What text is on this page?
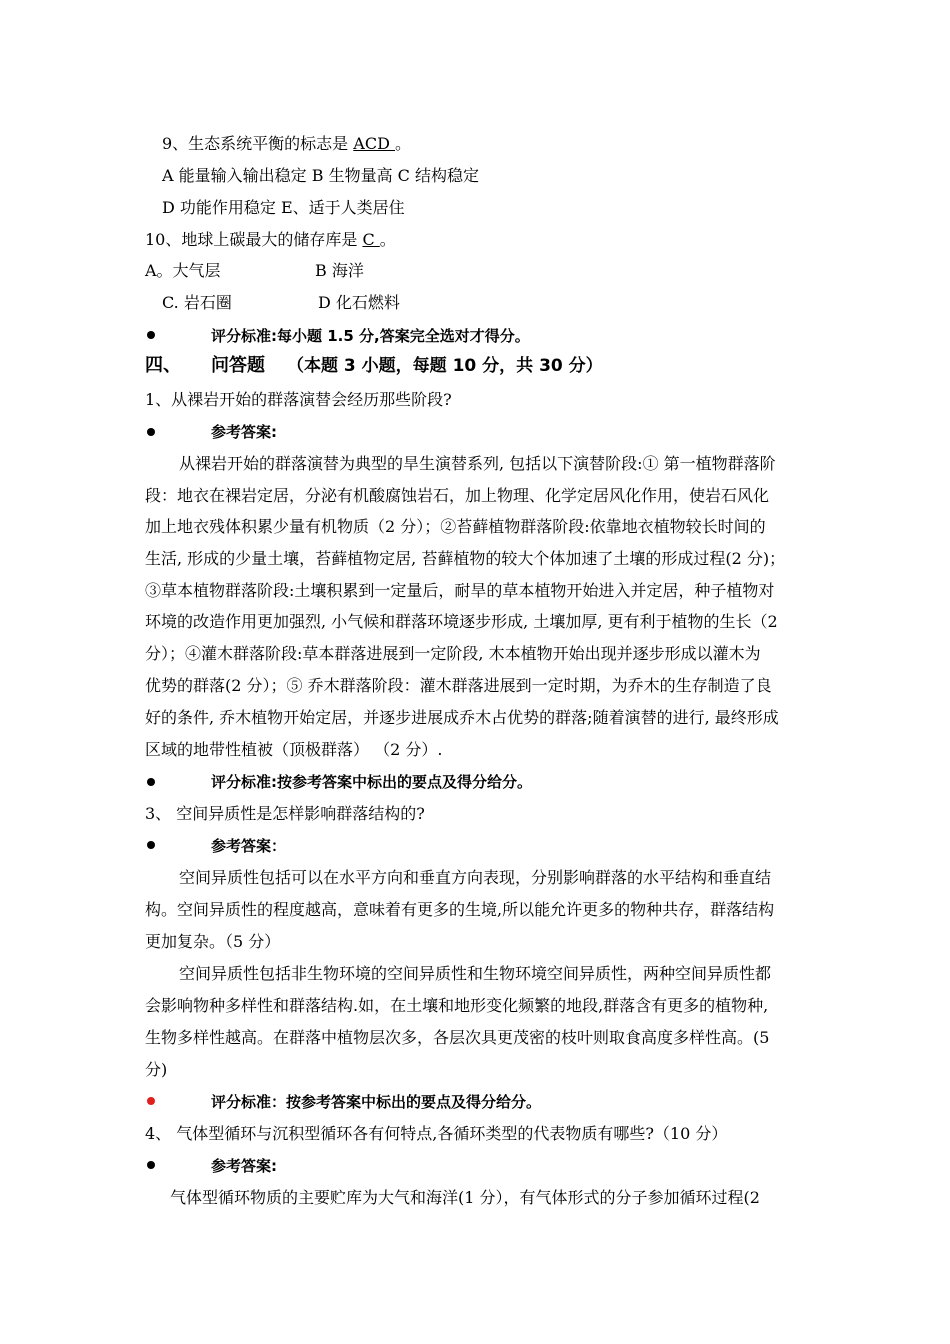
9、生态系统平衡的标志是 ACD 。
A 能量输入输出稳定 B 生物量高 C 结构稳定
D 功能作用稳定 E、适于人类居住
10、地球上碳最大的储存库是 C 。
A。大气层	B 海洋
C. 岩石圈	D 化石燃料
评分标准:每小题 1.5 分,答案完全选对才得分。
四、 问答题 （本题 3 小题，每题 10 分，共 30 分）
1、从裸岩开始的群落演替会经历那些阶段?
参考答案:
从裸岩开始的群落演替为典型的旱生演替系列, 包括以下演替阶段:① 第一植物群落阶
段：地衣在裸岩定居，分泌有机酸腐蚀岩石，加上物理、化学定居风化作用，使岩石风化
加上地衣残体积累少量有机物质（2 分）；②苔藓植物群落阶段:依靠地衣植物较长时间的
生活, 形成的少量土壤，苔藓植物定居, 苔藓植物的较大个体加速了土壤的形成过程(2 分)；
③草本植物群落阶段:土壤积累到一定量后，耐旱的草本植物开始进入并定居，种子植物对
环境的改造作用更加强烈, 小气候和群落环境逐步形成, 土壤加厚, 更有利于植物的生长（2
分）；④灌木群落阶段:草本群落进展到一定阶段, 木本植物开始出现并逐步形成以灌木为
优势的群落(2 分）；⑤ 乔木群落阶段：灌木群落进展到一定时期，为乔木的生存制造了良
好的条件, 乔木植物开始定居，并逐步进展成乔木占优势的群落;随着演替的进行, 最终形成
区域的地带性植被（顶极群落） （2 分）.
评分标准:按参考答案中标出的要点及得分给分。
3、 空间异质性是怎样影响群落结构的?
参考答案：
空间异质性包括可以在水平方向和垂直方向表现，分别影响群落的水平结构和垂直结
构。空间异质性的程度越高，意味着有更多的生境,所以能允许更多的物种共存，群落结构
更加复杂。（5 分）
空间异质性包括非生物环境的空间异质性和生物环境空间异质性，两种空间异质性都
会影响物种多样性和群落结构.如，在土壤和地形变化频繁的地段,群落含有更多的植物种,
生物多样性越高。在群落中植物层次多，各层次具更茂密的枝叶则取食高度多样性高。(5
分)
评分标准：按参考答案中标出的要点及得分给分。
4、 气体型循环与沉积型循环各有何特点,各循环类型的代表物质有哪些?（10 分）
参考答案:
气体型循环物质的主要贮库为大气和海洋(1 分），有气体形式的分子参加循环过程(2
